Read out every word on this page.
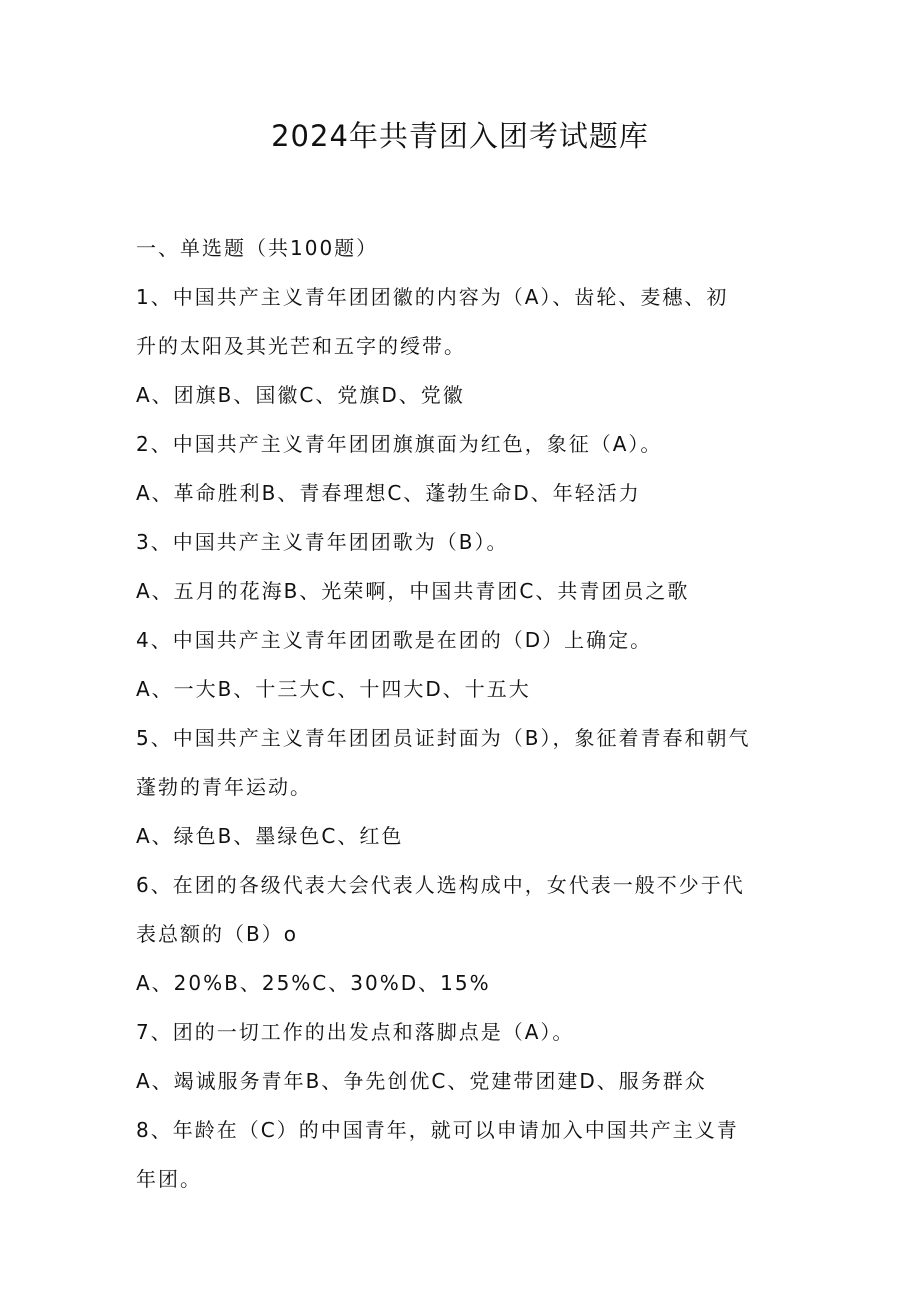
2024年共青团入团考试题库
一、单选题（共100题）
1、中国共产主义青年团团徽的内容为（A）、齿轮、麦穗、初
升的太阳及其光芒和五字的绶带。
A、团旗B、国徽C、党旗D、党徽
2、中国共产主义青年团团旗旗面为红色，象征（A）。
A、革命胜利B、青春理想C、蓬勃生命D、年轻活力
3、中国共产主义青年团团歌为（B）。
A、五月的花海B、光荣啊，中国共青团C、共青团员之歌
4、中国共产主义青年团团歌是在团的（D）上确定。
A、一大B、十三大C、十四大D、十五大
5、中国共产主义青年团团员证封面为（B），象征着青春和朝气
蓬勃的青年运动。
A、绿色B、墨绿色C、红色
6、在团的各级代表大会代表人选构成中，女代表一般不少于代
表总额的（B）o
A、20%B、25%C、30%D、15%
7、团的一切工作的出发点和落脚点是（A）。
A、竭诚服务青年B、争先创优C、党建带团建D、服务群众
8、年龄在（C）的中国青年，就可以申请加入中国共产主义青
年团。
